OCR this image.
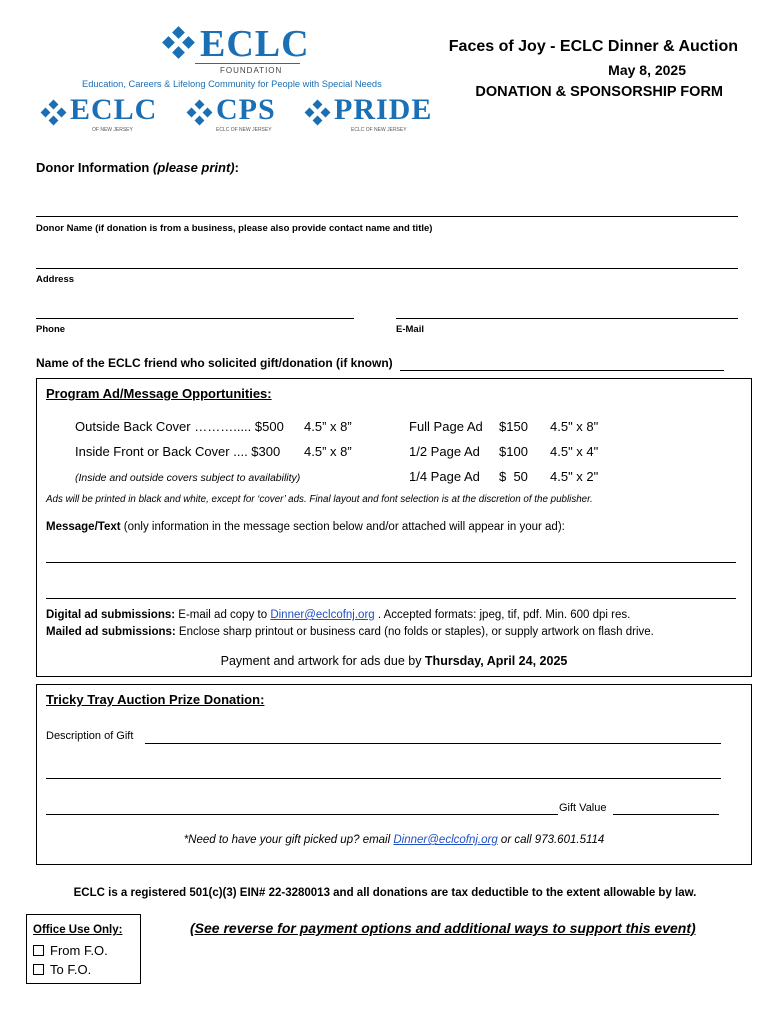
ECLC
FOUNDATION
Education, Careers & Lifelong Community for People with Special Needs
ECLC
OF NEW JERSEY
CPS
ECLC OF NEW JERSEY
PRIDE
ECLC OF NEW JERSEY
Faces of Joy - ECLC Dinner & Auction
May 8, 2025
DONATION & SPONSORSHIP FORM
Donor Information (please print):
Donor Name (if donation is from a business, please also provide contact name and title)
Address
Phone	E-Mail
Name of the ECLC friend who solicited gift/donation (if known)
Program Ad/Message Opportunities:
Outside Back Cover ………..... $500 4.5” x 8”
Inside Front or Back Cover .... $300 4.5” x 8”
(Inside and outside covers subject to availability)
Full Page Ad $150 4.5" x 8"
1/2 Page Ad $100 4.5" x 4"
1/4 Page Ad $  50 4.5" x 2"
Ads will be printed in black and white, except for ‘cover’ ads. Final layout and font selection is at the discretion of the publisher.
Message/Text (only information in the message section below and/or attached will appear in your ad):
Digital ad submissions: E-mail ad copy to Dinner@eclcofnj.org . Accepted formats: jpeg, tif, pdf. Min. 600 dpi res.
Mailed ad submissions: Enclose sharp printout or business card (no folds or staples), or supply artwork on flash drive.
Payment and artwork for ads due by Thursday, April 24, 2025
Tricky Tray Auction Prize Donation:
Description of Gift
Gift Value
*Need to have your gift picked up? email Dinner@eclcofnj.org or call 973.601.5114
ECLC is a registered 501(c)(3) EIN# 22-3280013 and all donations are tax deductible to the extent allowable by law.
Office Use Only:
From F.O.
To F.O.
(See reverse for payment options and additional ways to support this event)
